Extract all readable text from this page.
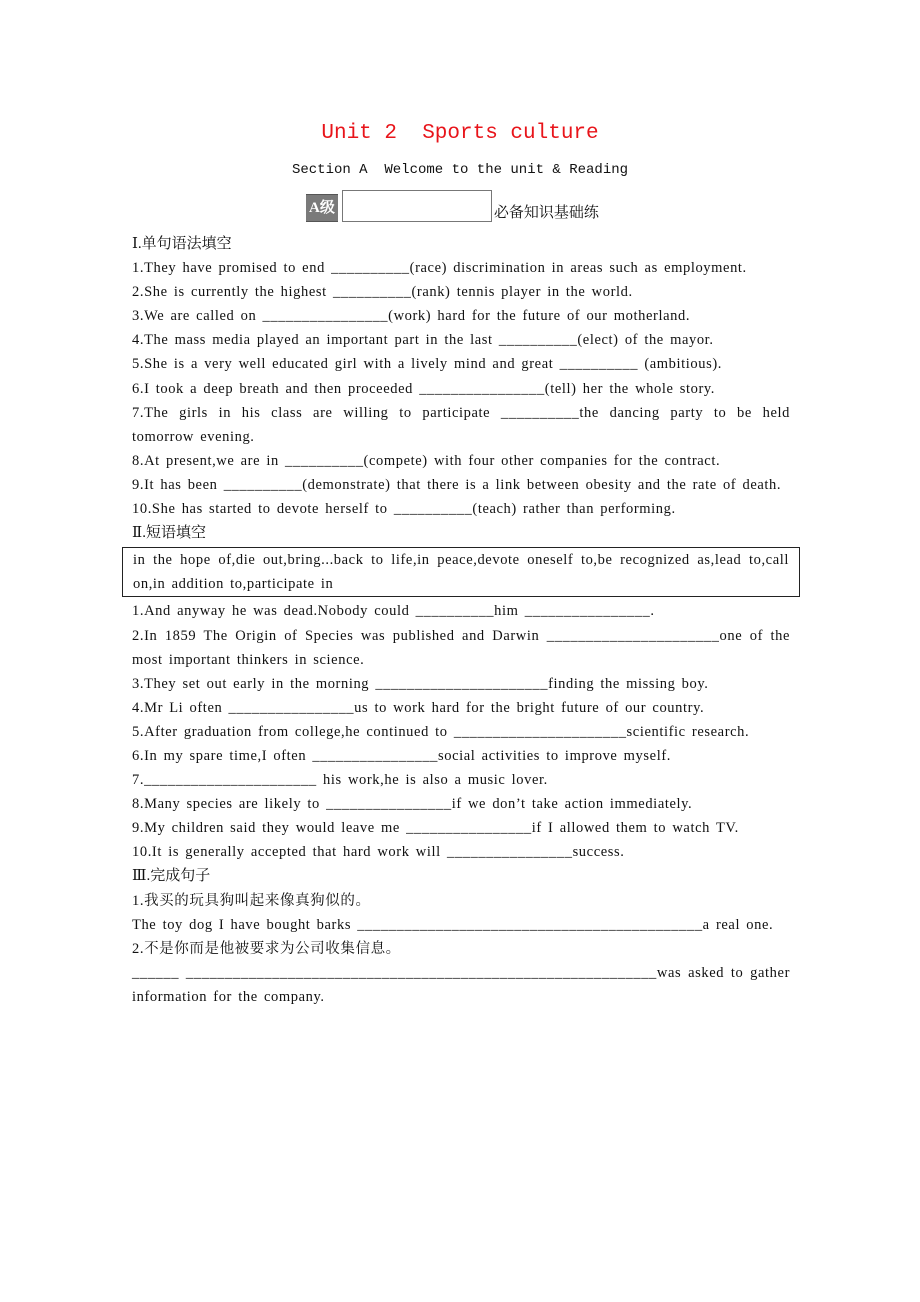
Unit 2  Sports culture
Section A  Welcome to the unit & Reading
A级	必备知识基础练

Ⅰ.单句语法填空

1.They have promised to end __________(race) discrimination in areas such as employment.

2.She is currently the highest __________(rank) tennis player in the world.

3.We are called on ________________(work) hard for the future of our motherland.

4.The mass media played an important part in the last __________(elect) of the mayor.

5.She is a very well educated girl with a lively mind and great __________ (ambitious).

6.I took a deep breath and then proceeded ________________(tell) her the whole story.

7.The girls in his class are willing to participate __________the dancing party to be held tomorrow evening.

8.At present,we are in __________(compete) with four other companies for the contract.

9.It has been __________(demonstrate) that there is a link between obesity and the rate of death.

10.She has started to devote herself to __________(teach) rather than performing.

Ⅱ.短语填空

in the hope of,die out,bring...back to life,in peace,devote oneself to,be recognized as,lead to,call on,in addition to,participate in

1.And anyway he was dead.Nobody could __________him ________________.

2.In 1859 The Origin of Species was published and Darwin ______________________one of the most important thinkers in science.

3.They set out early in the morning ______________________finding the missing boy.

4.Mr Li often ________________us to work hard for the bright future of our country.

5.After graduation from college,he continued to ______________________scientific research.

6.In my spare time,I often ________________social activities to improve myself.

7.______________________ his work,he is also a music lover.

8.Many species are likely to ________________if we don’t take action immediately.

9.My children said they would leave me ________________if I allowed them to watch TV.

10.It is generally accepted that hard work will ________________success.

Ⅲ.完成句子

1.我买的玩具狗叫起来像真狗似的。

The toy dog I have bought barks ____________________________________________a real one.

2.不是你而是他被要求为公司收集信息。

______ ____________________________________________________________was asked to gather information for the company.
